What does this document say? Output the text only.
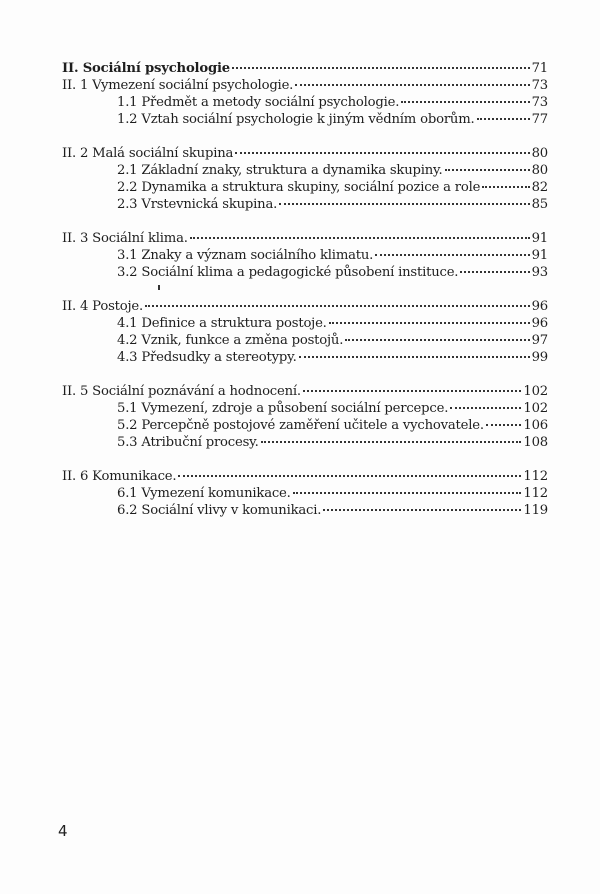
II. Sociální psychologie	71
II. 1 Vymezení sociální psychologie.	73
1.1 Předmět a metody sociální psychologie.	73
1.2 Vztah sociální psychologie k jiným vědním oborům.	77
II. 2 Malá sociální skupina	80
2.1 Základní znaky, struktura a dynamika skupiny.	80
2.2 Dynamika a struktura skupiny, sociální pozice a role	82
2.3 Vrstevnická skupina.	85
II. 3 Sociální klima.	91
3.1 Znaky a význam sociálního klimatu.	91
3.2 Sociální klima a pedagogické působení instituce.	93
II. 4 Postoje.	96
4.1 Definice a struktura postoje.	96
4.2 Vznik, funkce a změna postojů.	97
4.3 Předsudky a stereotypy.	99
II. 5 Sociální poznávání a hodnocení.	102
5.1 Vymezení, zdroje a působení sociální percepce.	102
5.2 Percepčně postojové zaměření učitele a vychovatele.	106
5.3 Atribuční procesy.	108
II. 6 Komunikace.	112
6.1 Vymezení komunikace.	112
6.2 Sociální vlivy v komunikaci.	119
4
